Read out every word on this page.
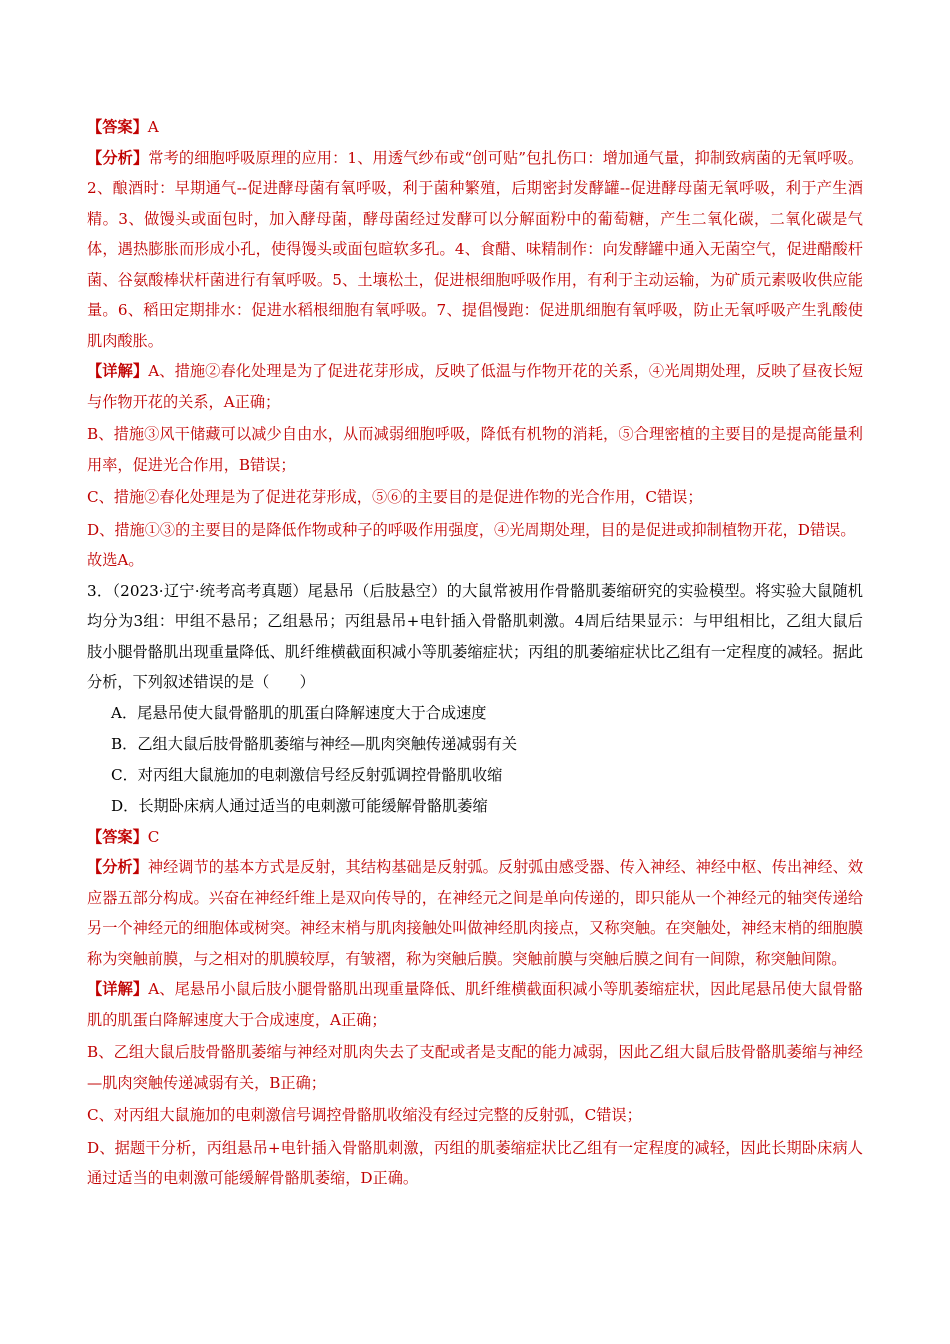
【答案】A

【分析】常考的细胞呼吸原理的应用：1、用透气纱布或“创可贴”包扎伤口：增加通气量，抑制致病菌的无氧呼吸。2、酿酒时：早期通气--促进酵母菌有氧呼吸，利于菌种繁殖，后期密封发酵罐--促进酵母菌无氧呼吸，利于产生酒精。3、做馒头或面包时，加入酵母菌，酵母菌经过发酵可以分解面粉中的葡萄糖，产生二氧化碳，二氧化碳是气体，遇热膨胀而形成小孔，使得馒头或面包暄软多孔。4、食醋、味精制作：向发酵罐中通入无菌空气，促进醋酸杆菌、谷氨酸棒状杆菌进行有氧呼吸。5、土壤松土，促进根细胞呼吸作用，有利于主动运输，为矿质元素吸收供应能量。6、稻田定期排水：促进水稻根细胞有氧呼吸。7、提倡慢跑：促进肌细胞有氧呼吸，防止无氧呼吸产生乳酸使肌肉酸胀。

【详解】A、措施②春化处理是为了促进花芽形成，反映了低温与作物开花的关系，④光周期处理，反映了昼夜长短与作物开花的关系，A正确；

B、措施③风干储藏可以减少自由水，从而减弱细胞呼吸，降低有机物的消耗，⑤合理密植的主要目的是提高能量利用率，促进光合作用，B错误；

C、措施②春化处理是为了促进花芽形成，⑤⑥的主要目的是促进作物的光合作用，C错误；

D、措施①③的主要目的是降低作物或种子的呼吸作用强度，④光周期处理，目的是促进或抑制植物开花，D错误。

故选A。

3．（2023·辽宁·统考高考真题）尾悬吊（后肢悬空）的大鼠常被用作骨骼肌萎缩研究的实验模型。将实验大鼠随机均分为3组：甲组不悬吊；乙组悬吊；丙组悬吊+电针插入骨骼肌刺激。4周后结果显示：与甲组相比，乙组大鼠后肢小腿骨骼肌出现重量降低、肌纤维横截面积减小等肌萎缩症状；丙组的肌萎缩症状比乙组有一定程度的减轻。据此分析，下列叙述错误的是（　　）

A．尾悬吊使大鼠骨骼肌的肌蛋白降解速度大于合成速度

B．乙组大鼠后肢骨骼肌萎缩与神经—肌肉突触传递减弱有关

C．对丙组大鼠施加的电刺激信号经反射弧调控骨骼肌收缩

D．长期卧床病人通过适当的电刺激可能缓解骨骼肌萎缩

【答案】C

【分析】神经调节的基本方式是反射，其结构基础是反射弧。反射弧由感受器、传入神经、神经中枢、传出神经、效应器五部分构成。兴奋在神经纤维上是双向传导的，在神经元之间是单向传递的，即只能从一个神经元的轴突传递给另一个神经元的细胞体或树突。神经末梢与肌肉接触处叫做神经肌肉接点，又称突触。在突触处，神经末梢的细胞膜称为突触前膜，与之相对的肌膜较厚，有皱褶，称为突触后膜。突触前膜与突触后膜之间有一间隙，称突触间隙。

【详解】A、尾悬吊小鼠后肢小腿骨骼肌出现重量降低、肌纤维横截面积减小等肌萎缩症状，因此尾悬吊使大鼠骨骼肌的肌蛋白降解速度大于合成速度，A正确；

B、乙组大鼠后肢骨骼肌萎缩与神经对肌肉失去了支配或者是支配的能力减弱，因此乙组大鼠后肢骨骼肌萎缩与神经—肌肉突触传递减弱有关，B正确；

C、对丙组大鼠施加的电刺激信号调控骨骼肌收缩没有经过完整的反射弧，C错误；

D、据题干分析，丙组悬吊+电针插入骨骼肌刺激，丙组的肌萎缩症状比乙组有一定程度的减轻，因此长期卧床病人通过适当的电刺激可能缓解骨骼肌萎缩，D正确。
